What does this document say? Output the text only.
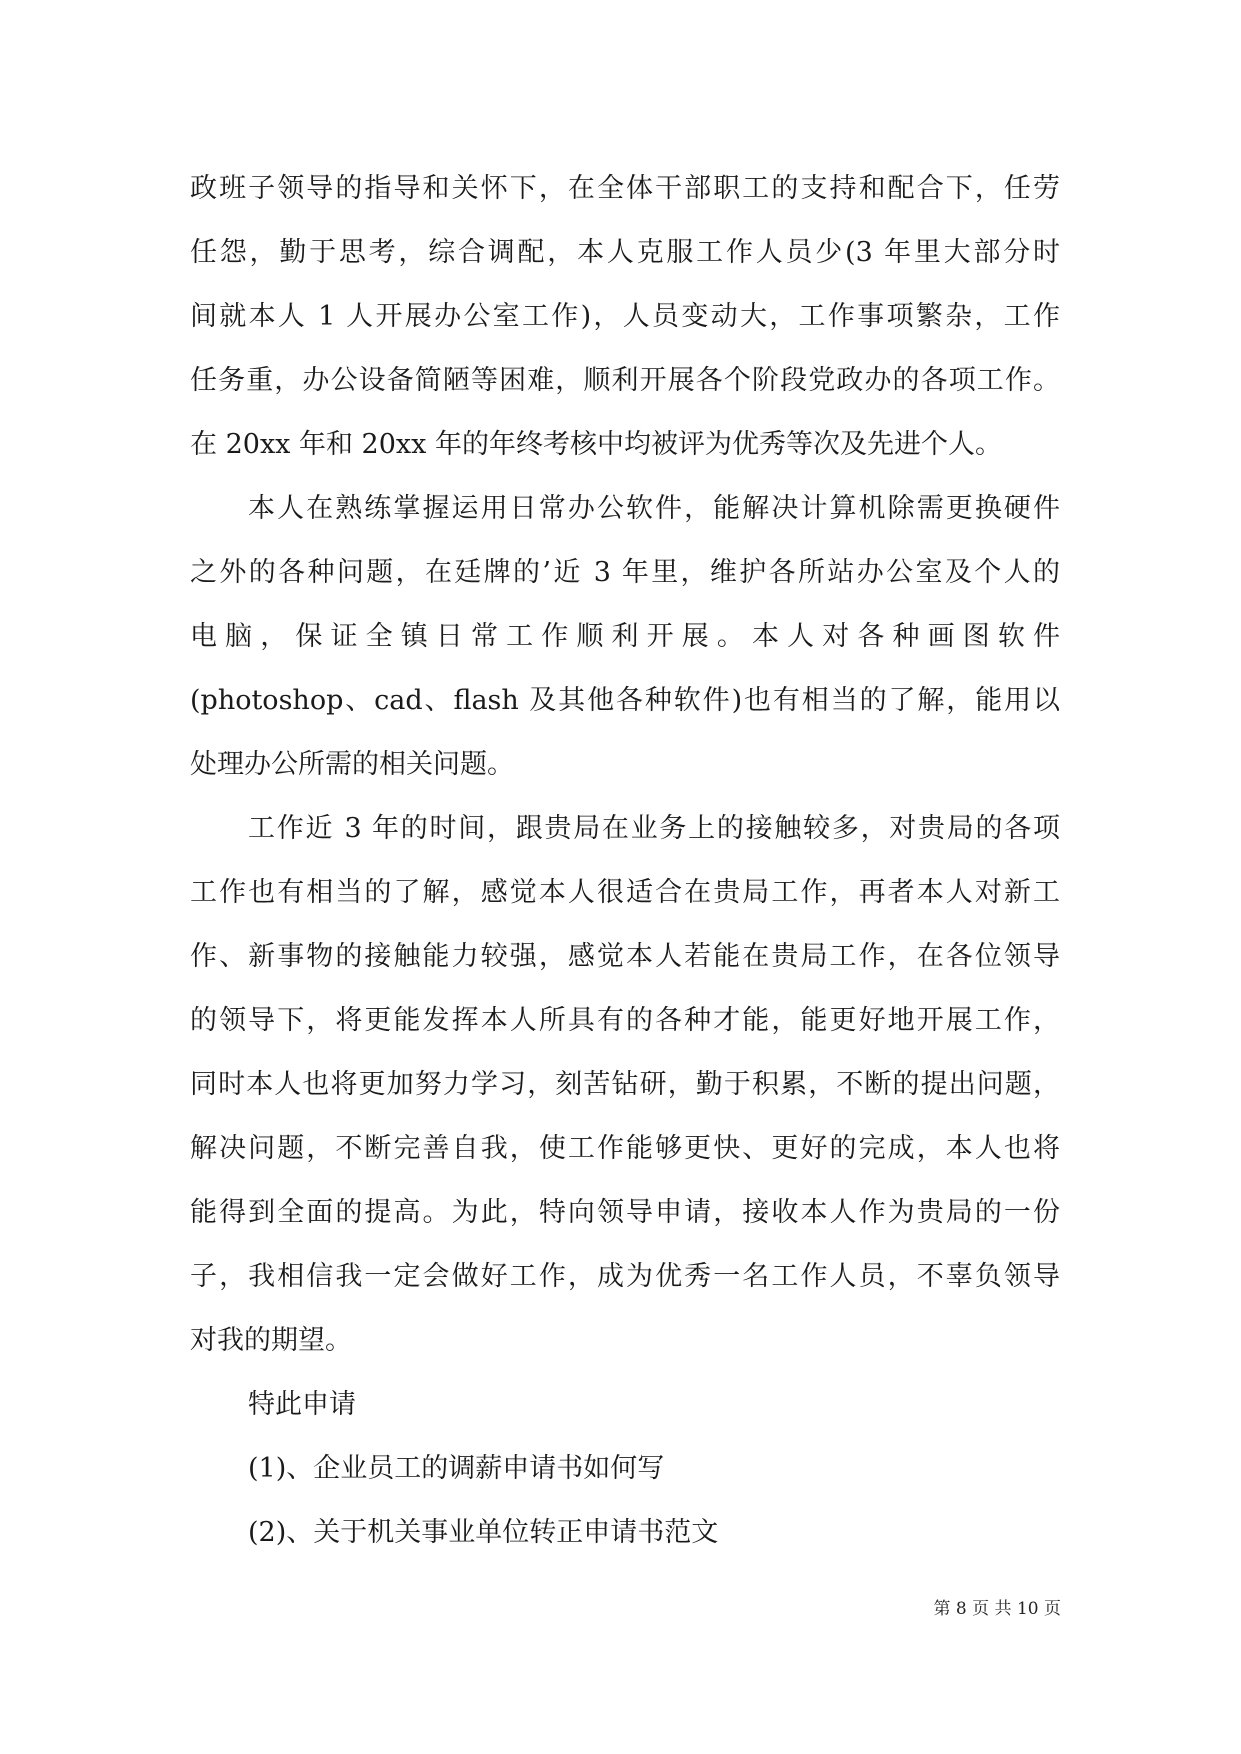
政班子领导的指导和关怀下，在全体干部职工的支持和配合下，任劳
任怨，勤于思考，综合调配，本人克服工作人员少(3 年里大部分时
间就本人 1 人开展办公室工作)，人员变动大，工作事项繁杂，工作
任务重，办公设备简陋等困难，顺利开展各个阶段党政办的各项工作。
在 20xx 年和 20xx 年的年终考核中均被评为优秀等次及先进个人。
本人在熟练掌握运用日常办公软件，能解决计算机除需更换硬件
之外的各种问题，在廷牌的’近 3 年里，维护各所站办公室及个人的
电脑，保证全镇日常工作顺利开展。本人对各种画图软件
(photoshop、cad、flash 及其他各种软件)也有相当的了解，能用以
处理办公所需的相关问题。
工作近 3 年的时间，跟贵局在业务上的接触较多，对贵局的各项
工作也有相当的了解，感觉本人很适合在贵局工作，再者本人对新工
作、新事物的接触能力较强，感觉本人若能在贵局工作，在各位领导
的领导下，将更能发挥本人所具有的各种才能，能更好地开展工作，
同时本人也将更加努力学习，刻苦钻研，勤于积累，不断的提出问题，
解决问题，不断完善自我，使工作能够更快、更好的完成，本人也将
能得到全面的提高。为此，特向领导申请，接收本人作为贵局的一份
子，我相信我一定会做好工作，成为优秀一名工作人员，不辜负领导
对我的期望。
特此申请
(1)、企业员工的调薪申请书如何写
(2)、关于机关事业单位转正申请书范文
第 8 页 共 10 页
